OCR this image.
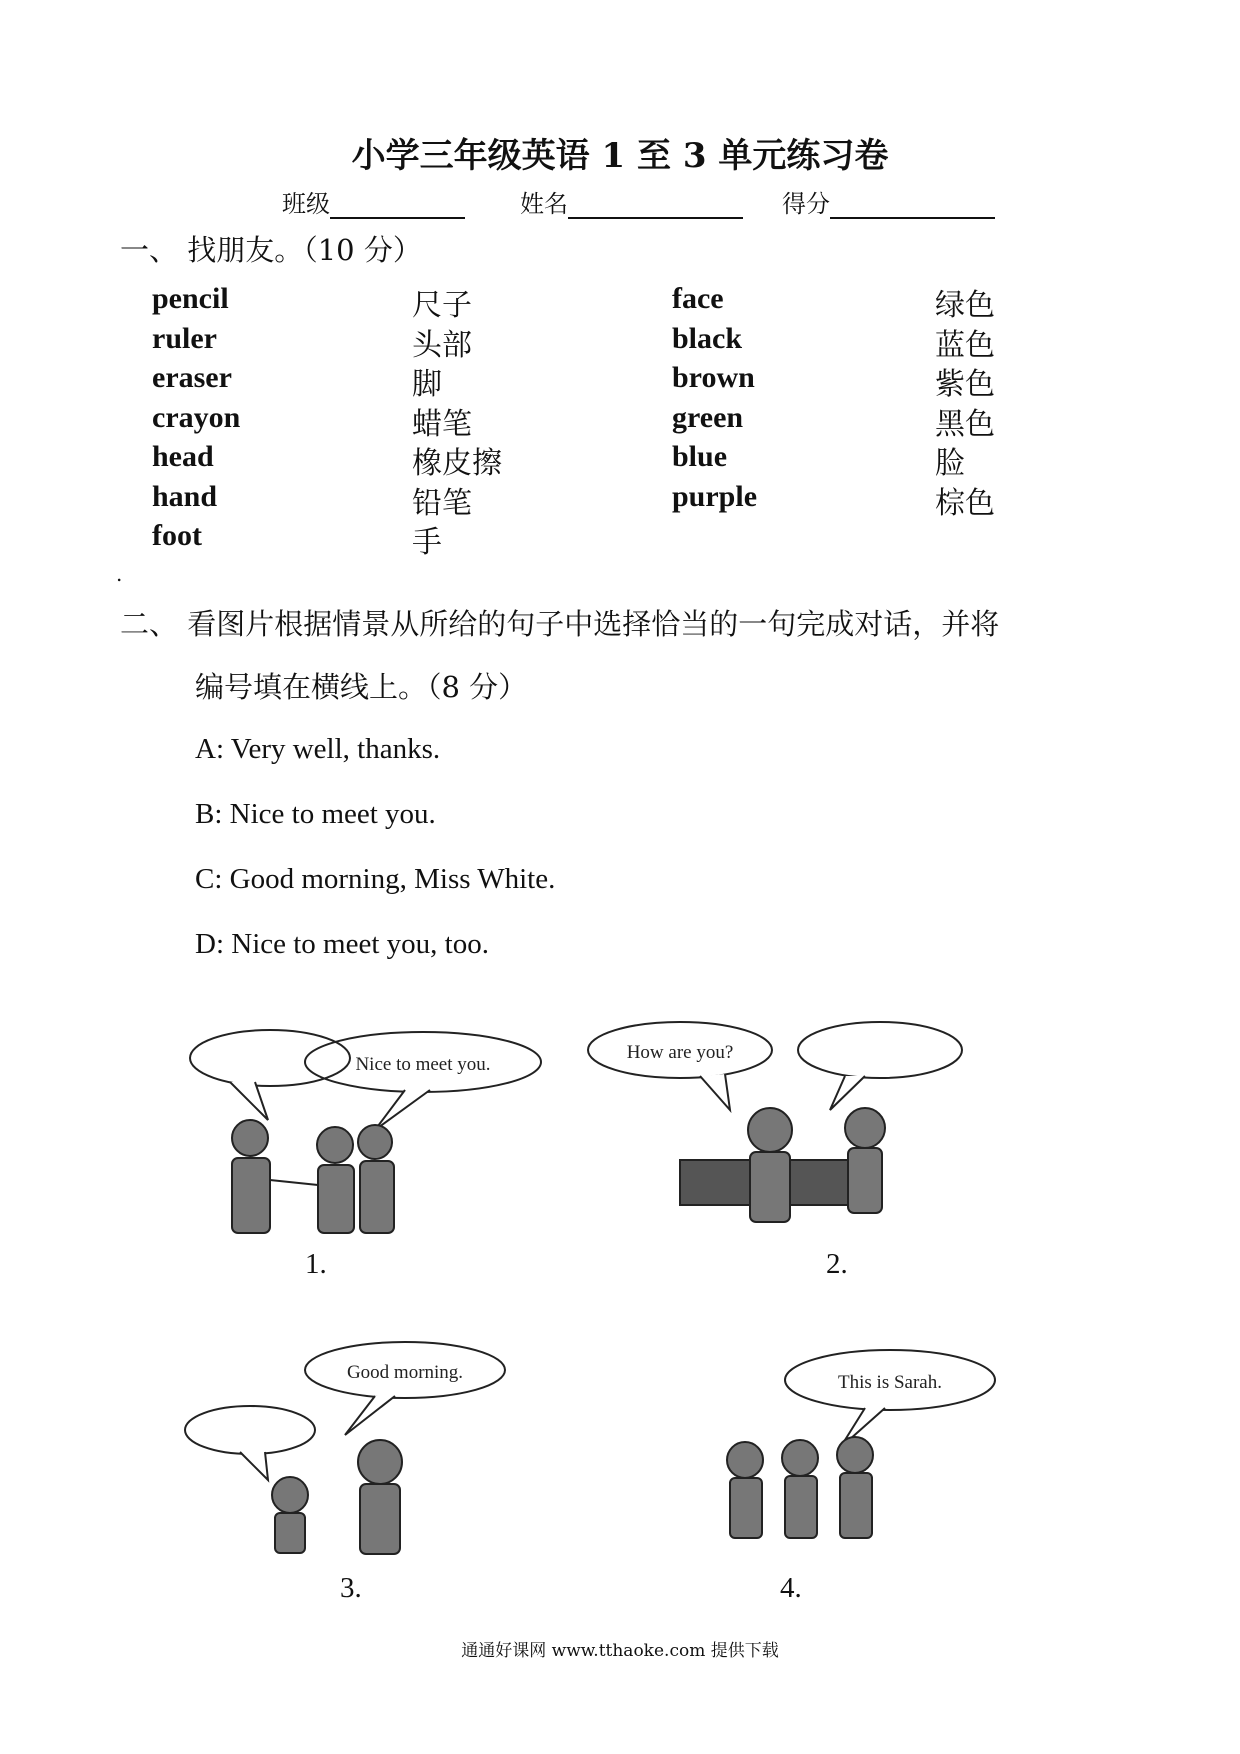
小学三年级英语 1 至 3 单元练习卷
班级	姓名	得分
一、 找朋友。（10 分）
pencil
ruler
eraser
crayon
head
hand
foot
尺子
头部
脚
蜡笔
橡皮擦
铅笔
手
face
black
brown
green
blue
purple
绿色
蓝色
紫色
黑色
脸
棕色
.
二、 看图片根据情景从所给的句子中选择恰当的一句完成对话，并将
编号填在横线上。（8 分）
A: Very well, thanks.
B: Nice to meet you.
C: Good morning, Miss White.
D: Nice to meet you, too.
Nice to meet you.
1.
How are you?
2.
Good morning.
3.
This is Sarah.
4.
通通好课网 www.tthaoke.com 提供下载
